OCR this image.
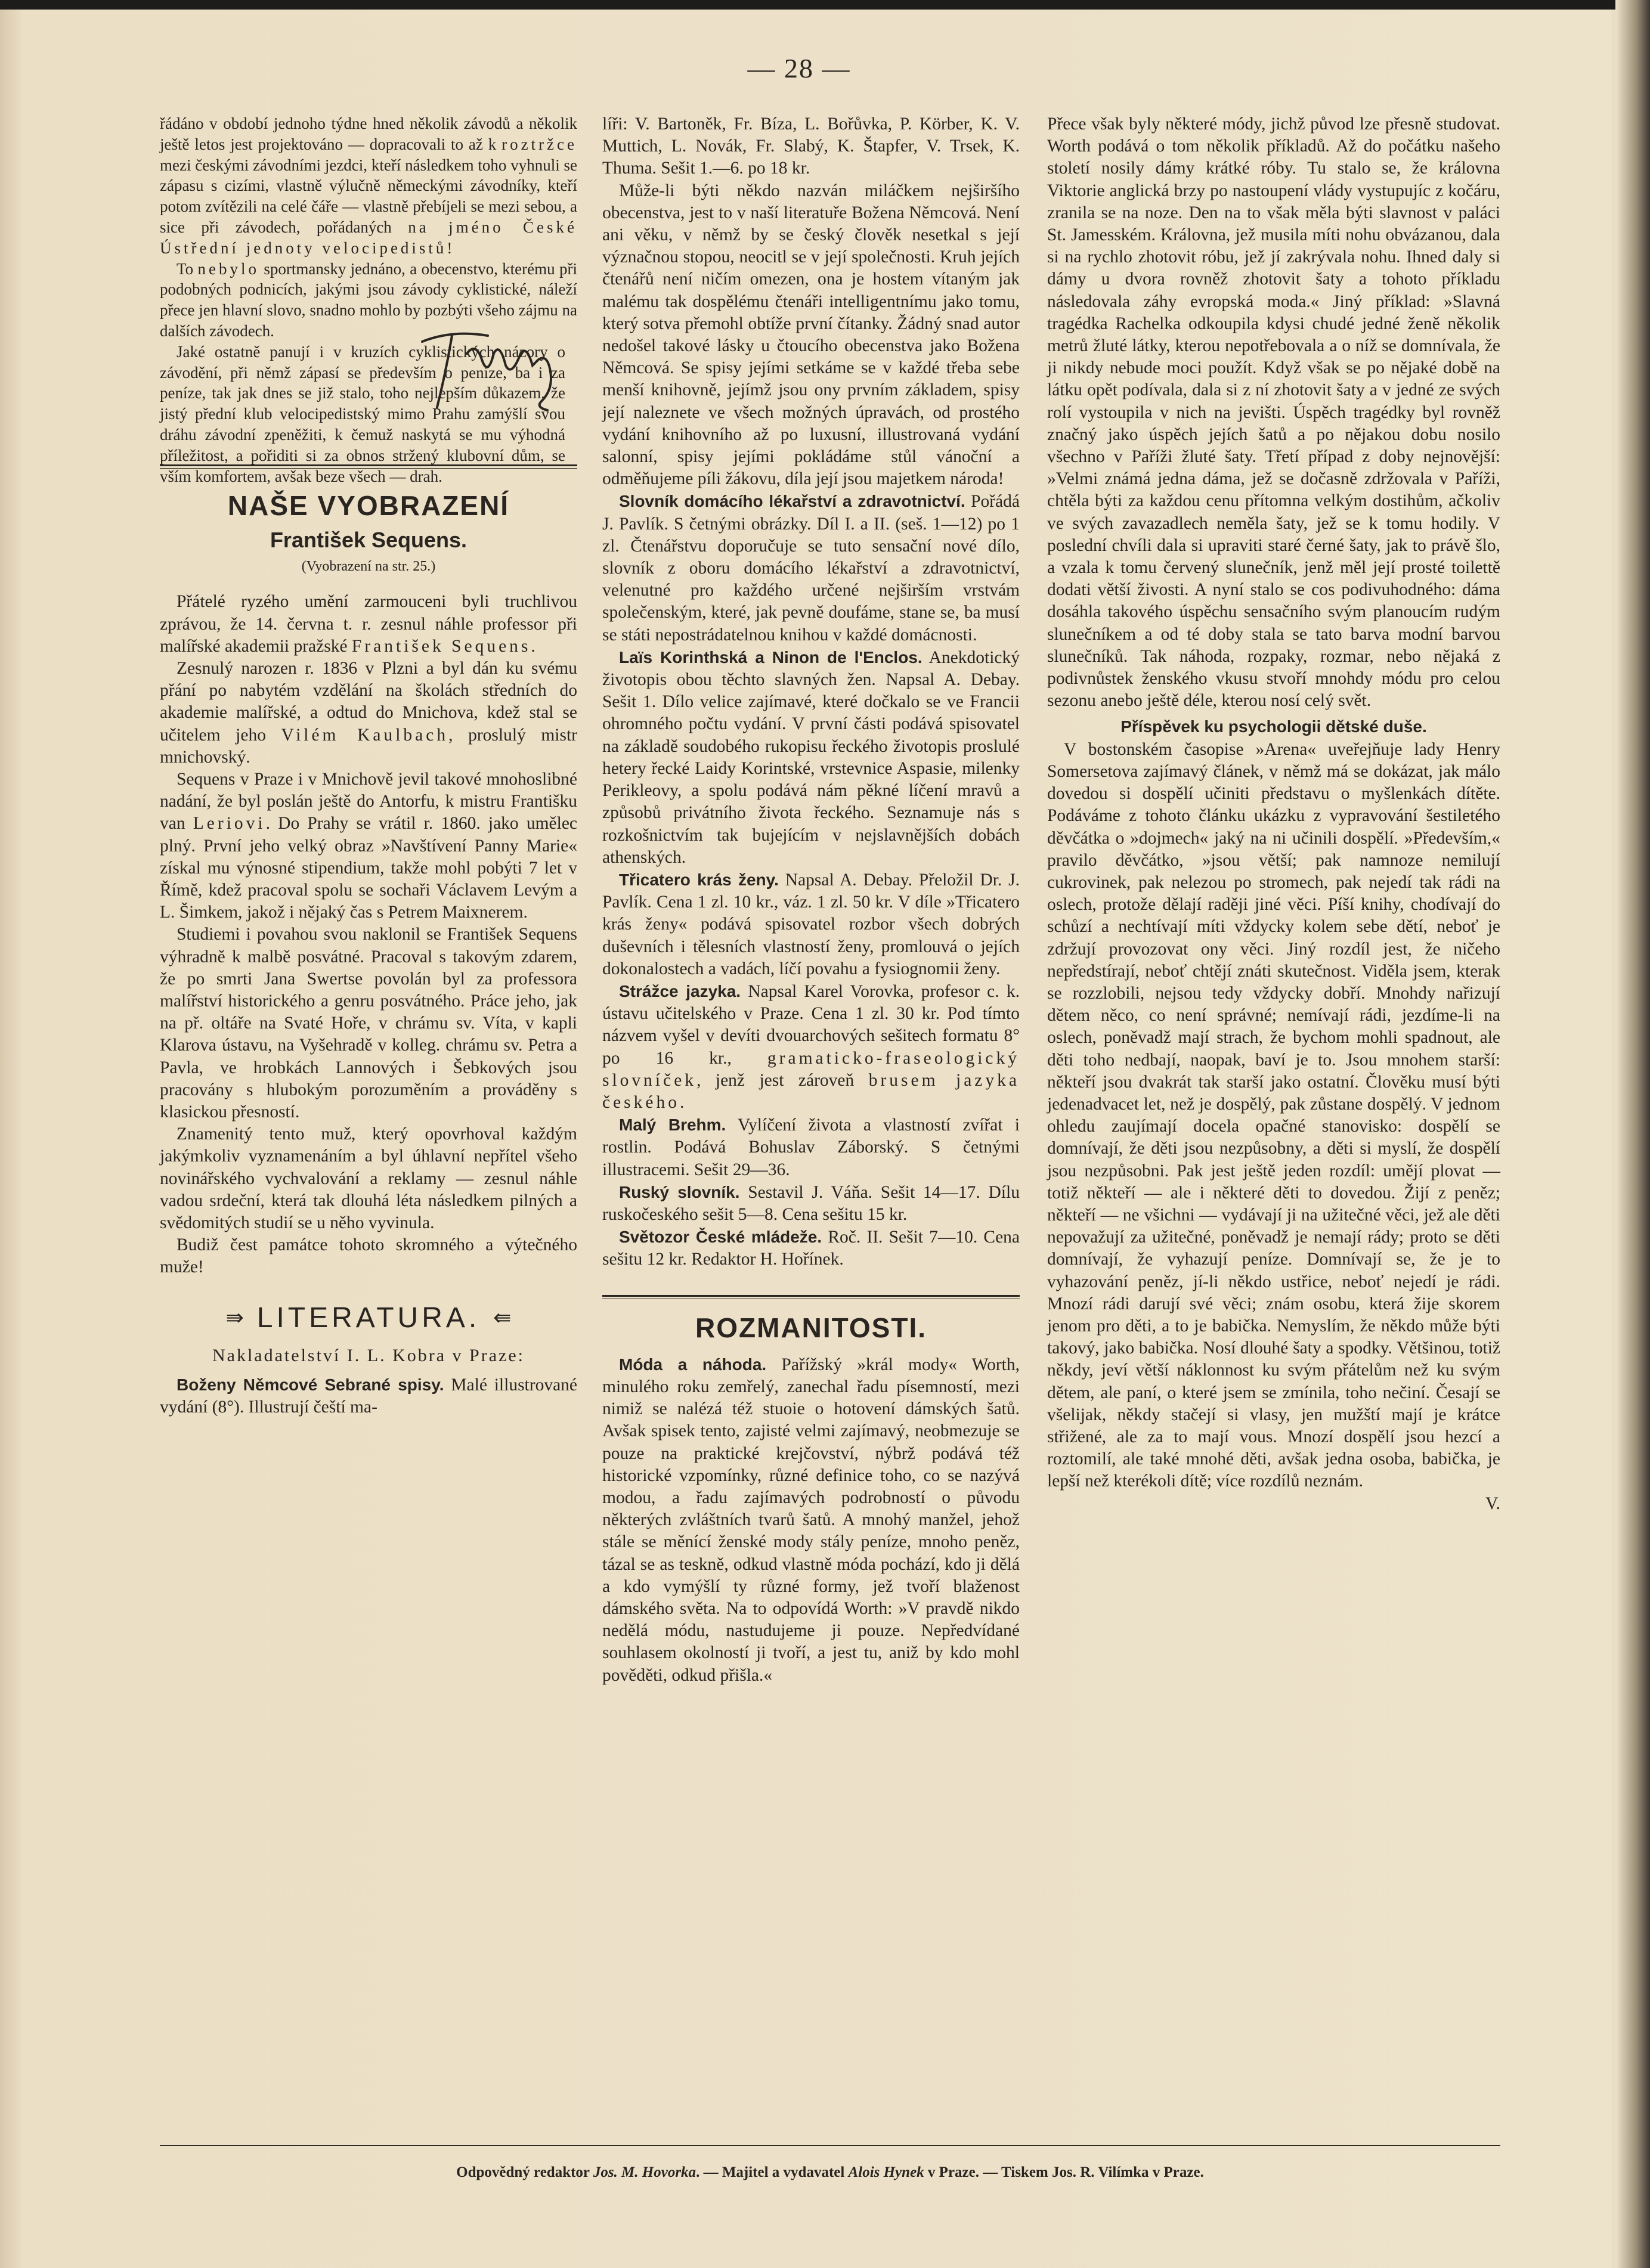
— 28 —

řádáno v období jednoho týdne hned několik závodů a několik ještě letos jest projektováno — dopracovali to až k roztržce mezi českými závodními jezdci, kteří následkem toho vyhnuli se zápasu s cizími, vlastně výlučně německými závodníky, kteří potom zvítězili na celé čáře — vlastně přebíjeli se mezi sebou, a sice při závodech, pořádaných na jméno České Ústřední jednoty velocipedistů!

To nebylo sportmansky jednáno, a obecenstvo, kterému při podobných podnicích, jakými jsou závody cyklistické, náleží přece jen hlavní slovo, snadno mohlo by pozbýti všeho zájmu na dalších závodech.

Jaké ostatně panují i v kruzích cyklistických názory o závodění, při němž zápasí se především o peníze, ba i za peníze, tak jak dnes se již stalo, toho nejlepším důkazem, že jistý přední klub velocipedistský mimo Prahu zamýšlí svou dráhu závodní zpeněžiti, k čemuž naskytá se mu výhodná příležitost, a pořiditi si za obnos stržený klubovní dům, se vším komfortem, avšak beze všech — drah.

NAŠE VYOBRAZENÍ
František Sequens.
(Vyobrazení na str. 25.)

Přátelé ryzého umění zarmouceni byli truchlivou zprávou, že 14. června t. r. zesnul náhle professor při malířské akademii pražské František Sequens.

Zesnulý narozen r. 1836 v Plzni a byl dán ku svému přání po nabytém vzdělání na školách středních do akademie malířské, a odtud do Mnichova, kdež stal se učitelem jeho Vilém Kaulbach, proslulý mistr mnichovský.

Sequens v Praze i v Mnichově jevil takové mnohoslibné nadání, že byl poslán ještě do Antorfu, k mistru Františku van Leriovi. Do Prahy se vrátil r. 1860. jako umělec plný. První jeho velký obraz »Navštívení Panny Marie« získal mu výnosné stipendium, takže mohl pobýti 7 let v Římě, kdež pracoval spolu se sochaři Václavem Levým a L. Šimkem, jakož i nějaký čas s Petrem Maixnerem.

Studiemi i povahou svou naklonil se František Sequens výhradně k malbě posvátné. Pracoval s takovým zdarem, že po smrti Jana Swertse povolán byl za professora malířství historického a genru posvátného. Práce jeho, jak na př. oltáře na Svaté Hoře, v chrámu sv. Víta, v kapli Klarova ústavu, na Vyšehradě v kolleg. chrámu sv. Petra a Pavla, ve hrobkách Lannových i Šebkových jsou pracovány s hlubokým porozuměním a prováděny s klasickou přesností.

Znamenitý tento muž, který opovrhoval každým jakýmkoliv vyznamenáním a byl úhlavní nepřítel všeho novinářského vychvalování a reklamy — zesnul náhle vadou srdeční, která tak dlouhá léta následkem pilných a svědomitých studií se u něho vyvinula.

Budiž čest památce tohoto skromného a výtečného muže!

⇛ LITERATURA. ⇚
Nakladatelství I. L. Kobra v Praze:

Boženy Němcové Sebrané spisy. Malé illustrované vydání (8°). Illustrují čeští ma-

líři: V. Bartoněk, Fr. Bíza, L. Bořůvka, P. Körber, K. V. Muttich, L. Novák, Fr. Slabý, K. Štapfer, V. Trsek, K. Thuma. Sešit 1.—6. po 18 kr.

Může-li býti někdo nazván miláčkem nejširšího obecenstva, jest to v naší literatuře Božena Němcová. Není ani věku, v němž by se český člověk nesetkal s její význačnou stopou, neocitl se v její společnosti. Kruh jejích čtenářů není ničím omezen, ona je hostem vítaným jak malému tak dospělému čtenáři intelligentnímu jako tomu, který sotva přemohl obtíže první čítanky. Žádný snad autor nedošel takové lásky u čtoucího obecenstva jako Božena Němcová. Se spisy jejími setkáme se v každé třeba sebe menší knihovně, jejímž jsou ony prvním základem, spisy její naleznete ve všech možných úpravách, od prostého vydání knihovního až po luxusní, illustrovaná vydání salonní, spisy jejími pokládáme stůl vánoční a odměňujeme píli žákovu, díla její jsou majetkem národa!

Slovník domácího lékařství a zdravotnictví. Pořádá J. Pavlík. S četnými obrázky. Díl I. a II. (seš. 1—12) po 1 zl. Čtenářstvu doporučuje se tuto sensační nové dílo, slovník z oboru domácího lékařství a zdravotnictví, velenutné pro každého určené nejširším vrstvám společenským, které, jak pevně doufáme, stane se, ba musí se státi nepostrádatelnou knihou v každé domácnosti.

Laïs Korinthská a Ninon de l'Enclos. Anekdotický životopis obou těchto slavných žen. Napsal A. Debay. Sešit 1. Dílo velice zajímavé, které dočkalo se ve Francii ohromného počtu vydání. V první části podává spisovatel na základě soudobého rukopisu řeckého životopis proslulé hetery řecké Laidy Korintské, vrstevnice Aspasie, milenky Perikleovy, a spolu podává nám pěkné líčení mravů a způsobů privátního života řeckého. Seznamuje nás s rozkošnictvím tak bujejícím v nejslavnějších dobách athenských.

Třicatero krás ženy. Napsal A. Debay. Přeložil Dr. J. Pavlík. Cena 1 zl. 10 kr., váz. 1 zl. 50 kr. V díle »Třicatero krás ženy« podává spisovatel rozbor všech dobrých duševních i tělesních vlastností ženy, promlouvá o jejích dokonalostech a vadách, líčí povahu a fysiognomii ženy.

Strážce jazyka. Napsal Karel Vorovka, profesor c. k. ústavu učitelského v Praze. Cena 1 zl. 30 kr. Pod tímto názvem vyšel v devíti dvouarchových sešitech formatu 8° po 16 kr., gramaticko-fraseologický slovníček, jenž jest zároveň brusem jazyka českého.

Malý Brehm. Vylíčení života a vlastností zvířat i rostlin. Podává Bohuslav Záborský. S četnými illustracemi. Sešit 29—36.

Ruský slovník. Sestavil J. Váňa. Sešit 14—17. Dílu ruskočeského sešit 5—8. Cena sešitu 15 kr.

Světozor České mládeže. Roč. II. Sešit 7—10. Cena sešitu 12 kr. Redaktor H. Hořínek.

ROZMANITOSTI.

Móda a náhoda. Pařížský »král mody« Worth, minulého roku zemřelý, zanechal řadu písemností, mezi nimiž se nalézá též stuoie o hotovení dámských šatů. Avšak spisek tento, zajisté velmi zajímavý, neobmezuje se pouze na praktické krejčovství, nýbrž podává též historické vzpomínky, různé definice toho, co se nazývá modou, a řadu zajímavých podrobností o původu některých zvláštních tvarů šatů. A mnohý manžel, jehož stále se měnící ženské mody stály peníze, mnoho peněz, tázal se as teskně, odkud vlastně móda pochází, kdo ji dělá a kdo vymýšlí ty různé formy, jež tvoří blaženost dámského světa. Na to odpovídá Worth: »V pravdě nikdo nedělá módu, nastudujeme ji pouze. Nepředvídané souhlasem okolností ji tvoří, a jest tu, aniž by kdo mohl pověděti, odkud přišla.«

Přece však byly některé módy, jichž původ lze přesně studovat. Worth podává o tom několik příkladů. Až do počátku našeho století nosily dámy krátké róby. Tu stalo se, že královna Viktorie anglická brzy po nastoupení vlády vystupujíc z kočáru, zranila se na noze. Den na to však měla býti slavnost v paláci St. Jamesském. Královna, jež musila míti nohu obvázanou, dala si na rychlo zhotovit róbu, jež jí zakrývala nohu. Ihned daly si dámy u dvora rovněž zhotovit šaty a tohoto příkladu následovala záhy evropská moda.« Jiný příklad: »Slavná tragédka Rachelka odkoupila kdysi chudé jedné ženě několik metrů žluté látky, kterou nepotřebovala a o níž se domnívala, že ji nikdy nebude moci použít. Když však se po nějaké době na látku opět podívala, dala si z ní zhotovit šaty a v jedné ze svých rolí vystoupila v nich na jevišti. Úspěch tragédky byl rovněž značný jako úspěch jejích šatů a po nějakou dobu nosilo všechno v Paříži žluté šaty. Třetí případ z doby nejnovější: »Velmi známá jedna dáma, jež se dočasně zdržovala v Paříži, chtěla býti za každou cenu přítomna velkým dostihům, ačkoliv ve svých zavazadlech neměla šaty, jež se k tomu hodily. V poslední chvíli dala si upraviti staré černé šaty, jak to právě šlo, a vzala k tomu červený slunečník, jenž měl její prosté toilettě dodati větší živosti. A nyní stalo se cos podivuhodného: dáma dosáhla takového úspěchu sensačního svým planoucím rudým slunečníkem a od té doby stala se tato barva modní barvou slunečníků. Tak náhoda, rozpaky, rozmar, nebo nějaká z podivnůstek ženského vkusu stvoří mnohdy módu pro celou sezonu anebo ještě déle, kterou nosí celý svět.

Příspěvek ku psychologii dětské duše.

V bostonském časopise »Arena« uveřejňuje lady Henry Somersetova zajímavý článek, v němž má se dokázat, jak málo dovedou si dospělí učiniti představu o myšlenkách dítěte. Podáváme z tohoto článku ukázku z vypravování šestiletého děvčátka o »dojmech« jaký na ni učinili dospělí. »Především,« pravilo děvčátko, »jsou větší; pak namnoze nemilují cukrovinek, pak nelezou po stromech, pak nejedí tak rádi na oslech, protože dělají raději jiné věci. Píší knihy, chodívají do schůzí a nechtívají míti vždycky kolem sebe dětí, neboť je zdržují provozovat ony věci. Jiný rozdíl jest, že ničeho nepředstírají, neboť chtějí znáti skutečnost. Viděla jsem, kterak se rozzlobili, nejsou tedy vždycky dobří. Mnohdy nařizují dětem něco, co není správné; nemívají rádi, jezdíme-li na oslech, poněvadž mají strach, že bychom mohli spadnout, ale děti toho nedbají, naopak, baví je to. Jsou mnohem starší: někteří jsou dvakrát tak starší jako ostatní. Člověku musí býti jedenadvacet let, než je dospělý, pak zůstane dospělý. V jednom ohledu zaujímají docela opačné stanovisko: dospělí se domnívají, že děti jsou nezpůsobny, a děti si myslí, že dospělí jsou nezpůsobni. Pak jest ještě jeden rozdíl: umějí plovat — totiž někteří — ale i některé děti to dovedou. Žijí z peněz; někteří — ne všichni — vydávají ji na užitečné věci, jež ale děti nepovažují za užitečné, poněvadž je nemají rády; proto se děti domnívají, že vyhazují peníze. Domnívají se, že je to vyhazování peněz, jí-li někdo ustřice, neboť nejedí je rádi. Mnozí rádi darují své věci; znám osobu, která žije skorem jenom pro děti, a to je babička. Nemyslím, že někdo může býti takový, jako babička. Nosí dlouhé šaty a spodky. Většinou, totiž někdy, jeví větší náklonnost ku svým přátelům než ku svým dětem, ale paní, o které jsem se zmínila, toho nečiní. Česají se všelijak, někdy stačejí si vlasy, jen mužští mají je krátce střižené, ale za to mají vous. Mnozí dospělí jsou hezcí a roztomilí, ale také mnohé děti, avšak jedna osoba, babička, je lepší než kterékoli dítě; více rozdílů neznám.

V.

Odpovědný redaktor Jos. M. Hovorka. — Majitel a vydavatel Alois Hynek v Praze. — Tiskem Jos. R. Vilímka v Praze.
